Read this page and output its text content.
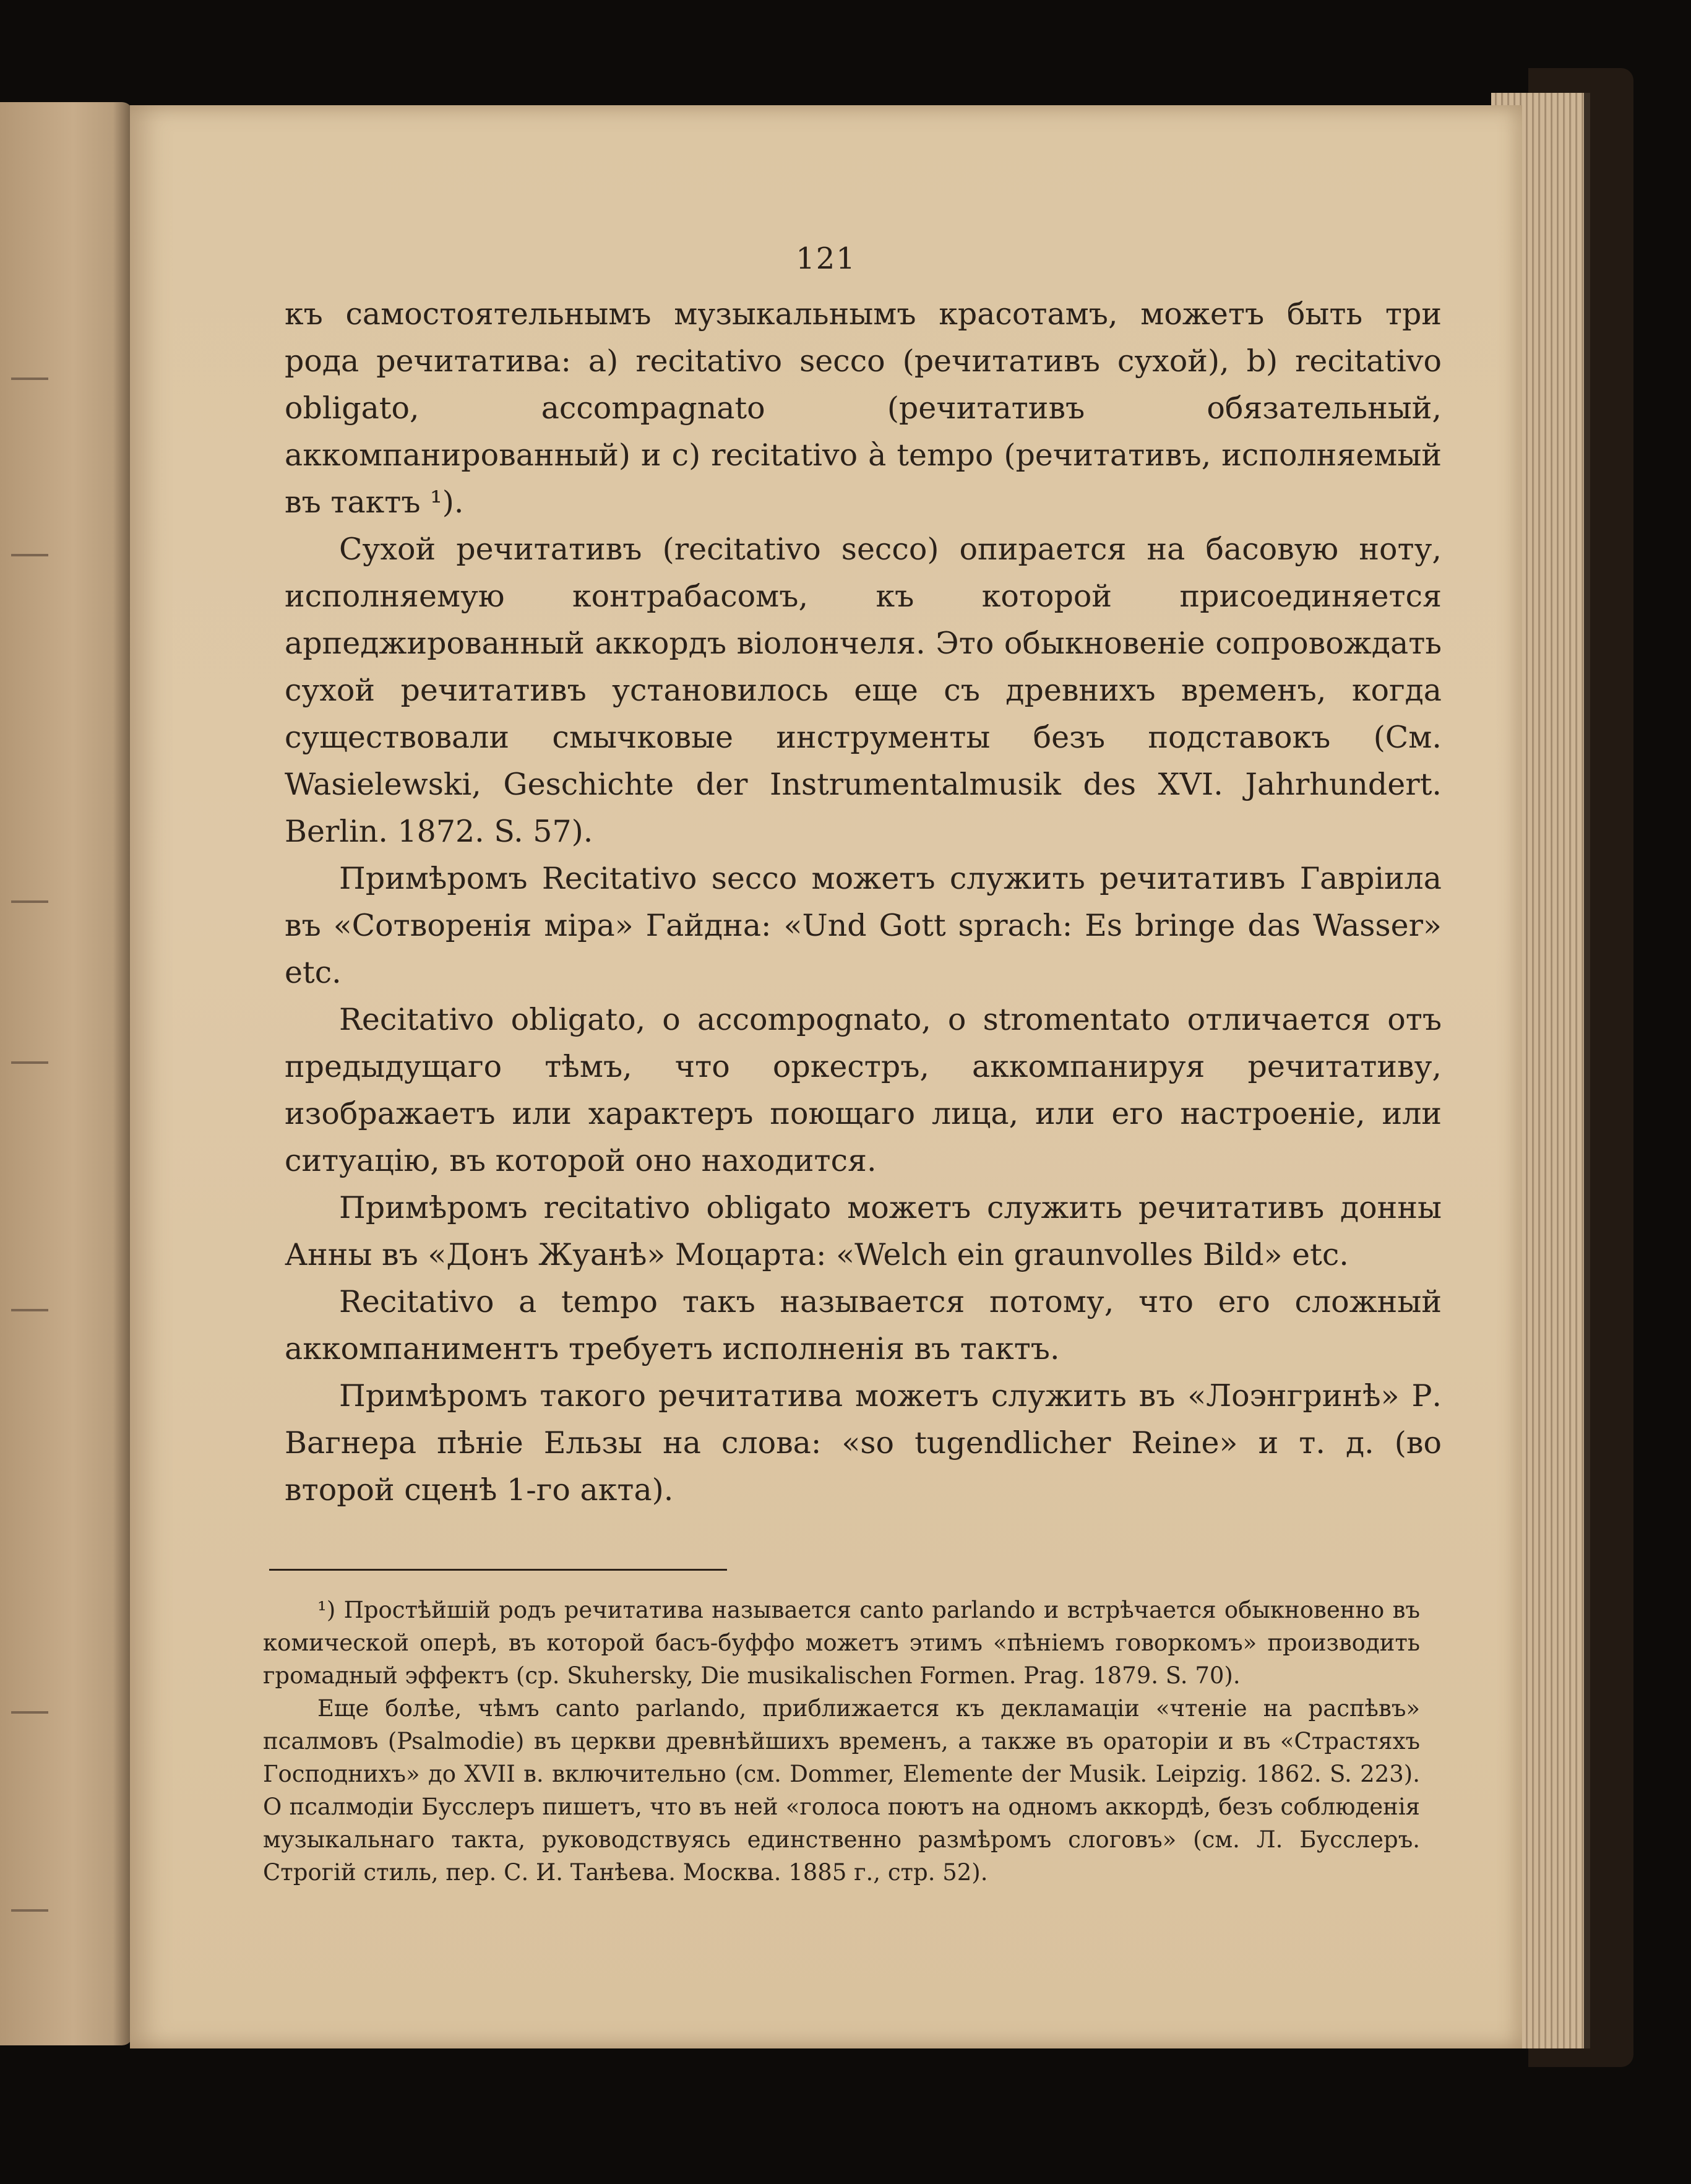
121

къ самостоятельнымъ музыкальнымъ красотамъ, можетъ быть три рода речитатива: a) recitativo secco (речитативъ сухой), b) recitativo obligato, accompagnato (речитативъ обязательный, аккомпанированный) и c) recitativo à tempo (речитативъ, исполняемый въ тактъ ¹).

Сухой речитативъ (recitativo secco) опирается на басовую ноту, исполняемую контрабасомъ, къ которой присоединяется арпеджированный аккордъ віолончеля. Это обыкновеніе сопровождать сухой речитативъ установилось еще съ древнихъ временъ, когда существовали смычковые инструменты безъ подставокъ (См. Wasielewski, Geschichte der Instrumentalmusik des XVI. Jahrhundert. Berlin. 1872. S. 57).

Примѣромъ Recitativo secco можетъ служить речитативъ Гавріила въ «Сотворенія міра» Гайдна: «Und Gott sprach: Es bringe das Wasser» etc.

Recitativo obligato, o accompognato, o stromentato отличается отъ предыдущаго тѣмъ, что оркестръ, аккомпанируя речитативу, изображаетъ или характеръ поющаго лица, или его настроеніе, или ситуацію, въ которой оно находится.

Примѣромъ recitativo obligato можетъ служить речитативъ донны Анны въ «Донъ Жуанѣ» Моцарта: «Welch ein graunvolles Bild» etc.

Recitativo a tempo такъ называется потому, что его сложный аккомпаниментъ требуетъ исполненія въ тактъ.

Примѣромъ такого речитатива можетъ служить въ «Лоэнгринѣ» Р. Вагнера пѣніе Ельзы на слова: «so tugendlicher Reine» и т. д. (во второй сценѣ 1-го акта).

¹) Простѣйшій родъ речитатива называется canto parlando и встрѣчается обыкновенно въ комической оперѣ, въ которой басъ-буффо можетъ этимъ «пѣніемъ говоркомъ» производить громадный эффектъ (ср. Skuhersky, Die musikalischen Formen. Prag. 1879. S. 70).

Еще болѣе, чѣмъ canto parlando, приближается къ декламаціи «чтеніе на распѣвъ» псалмовъ (Psalmodie) въ церкви древнѣйшихъ временъ, а также въ ораторіи и въ «Страстяхъ Господнихъ» до XVII в. включительно (см. Dommer, Elemente der Musik. Leipzig. 1862. S. 223). О псалмодіи Бусслеръ пишетъ, что въ ней «голоса поютъ на одномъ аккордѣ, безъ соблюденія музыкальнаго такта, руководствуясь единственно размѣромъ слоговъ» (см. Л. Бусслеръ. Строгій стиль, пер. С. И. Танѣева. Москва. 1885 г., стр. 52).
